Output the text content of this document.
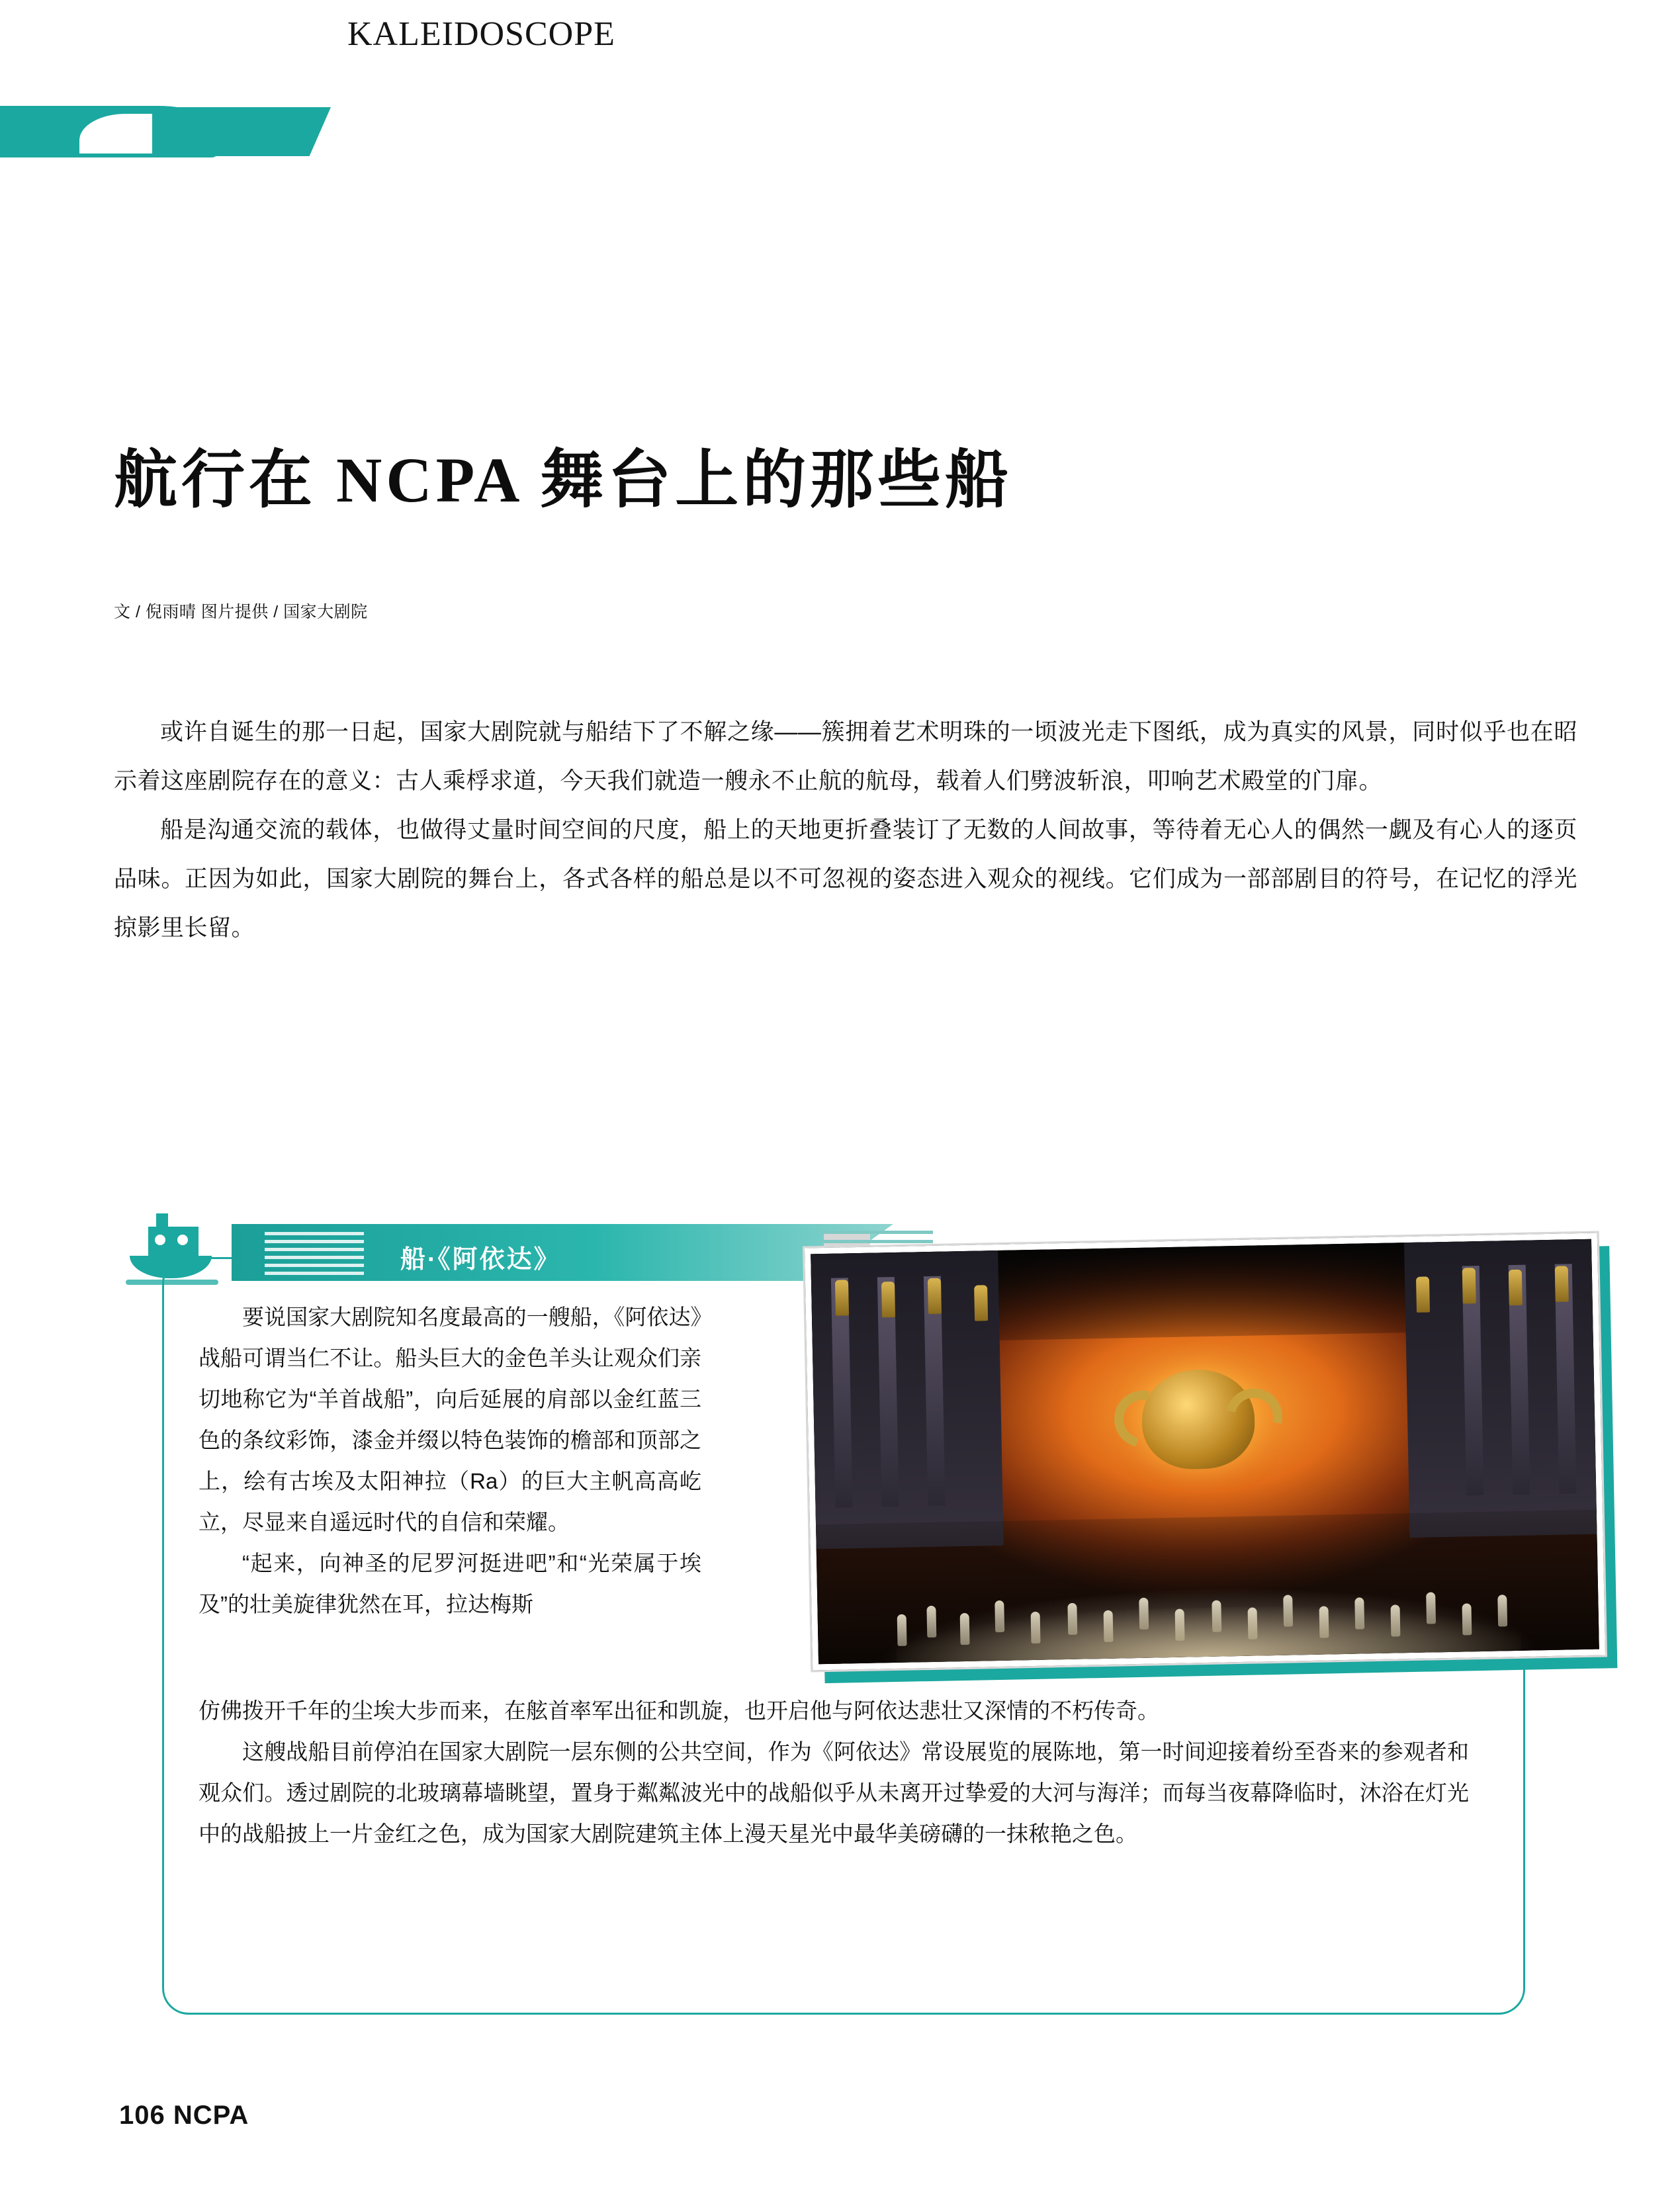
趣览 KALEIDOSCOPE
航行在 NCPA 舞台上的那些船
文 / 倪雨晴 图片提供 / 国家大剧院

或许自诞生的那一日起，国家大剧院就与船结下了不解之缘——簇拥着艺术明珠的一顷波光走下图纸，成为真实的风景，同时似乎也在昭示着这座剧院存在的意义：古人乘桴求道，今天我们就造一艘永不止航的航母，载着人们劈波斩浪，叩响艺术殿堂的门扉。

船是沟通交流的载体，也做得丈量时间空间的尺度，船上的天地更折叠装订了无数的人间故事，等待着无心人的偶然一觑及有心人的逐页品味。正因为如此，国家大剧院的舞台上，各式各样的船总是以不可忽视的姿态进入观众的视线。它们成为一部部剧目的符号，在记忆的浮光掠影里长留。

船·《阿依达》

要说国家大剧院知名度最高的一艘船，《阿依达》战船可谓当仁不让。船头巨大的金色羊头让观众们亲切地称它为“羊首战船”，向后延展的肩部以金红蓝三色的条纹彩饰，漆金并缀以特色装饰的檐部和顶部之上，绘有古埃及太阳神拉（Ra）的巨大主帆高高屹立，尽显来自遥远时代的自信和荣耀。

“起来，向神圣的尼罗河挺进吧”和“光荣属于埃及”的壮美旋律犹然在耳，拉达梅斯

仿佛拨开千年的尘埃大步而来，在舷首率军出征和凯旋，也开启他与阿依达悲壮又深情的不朽传奇。

这艘战船目前停泊在国家大剧院一层东侧的公共空间，作为《阿依达》常设展览的展陈地，第一时间迎接着纷至沓来的参观者和观众们。透过剧院的北玻璃幕墙眺望，置身于粼粼波光中的战船似乎从未离开过挚爱的大河与海洋；而每当夜幕降临时，沐浴在灯光中的战船披上一片金红之色，成为国家大剧院建筑主体上漫天星光中最华美磅礴的一抹秾艳之色。

106 NCPA
